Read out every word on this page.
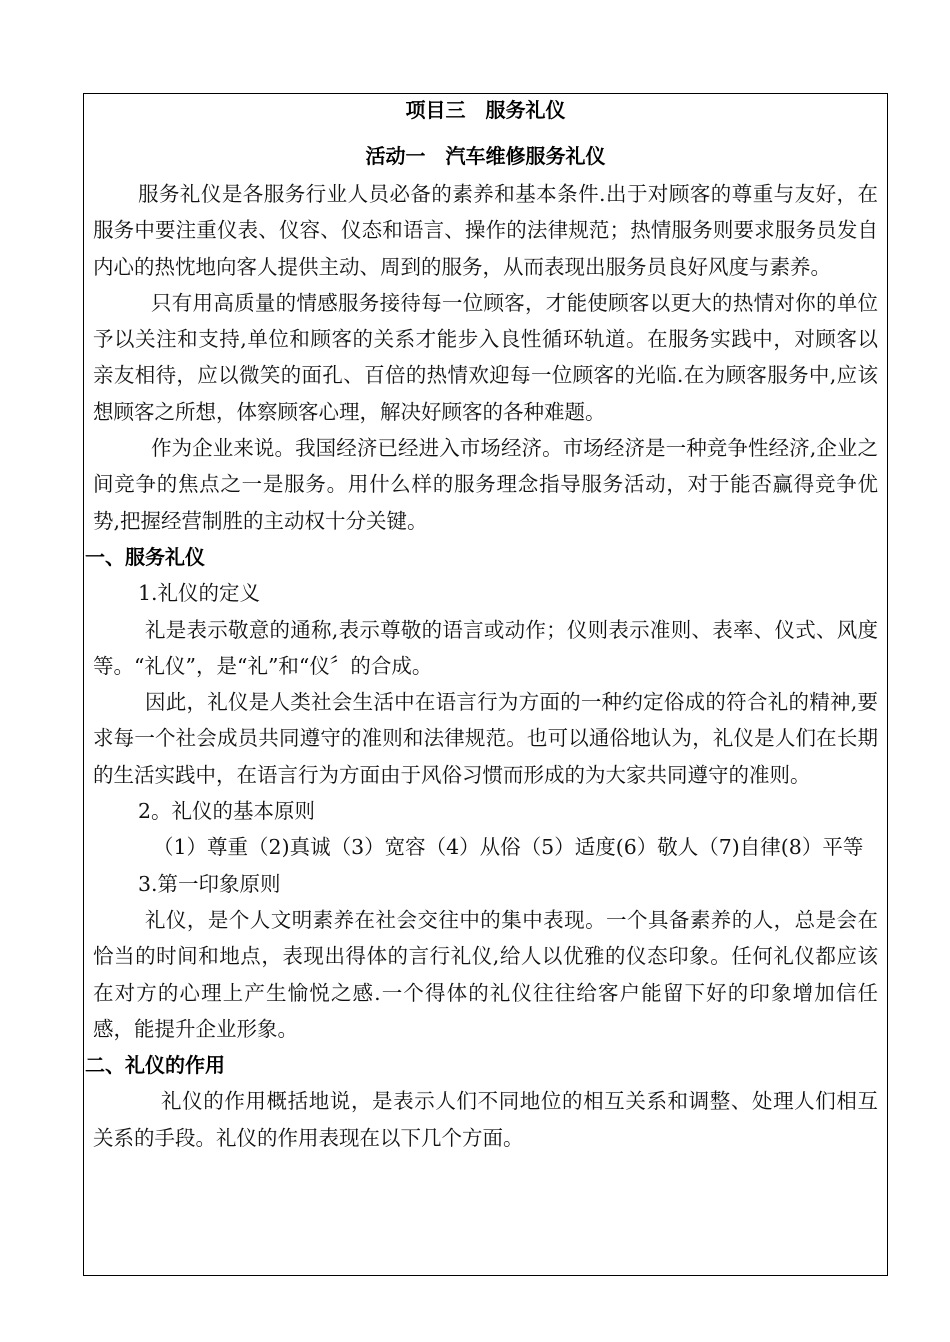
项目三　服务礼仪
活动一　汽车维修服务礼仪

服务礼仪是各服务行业人员必备的素养和基本条件.出于对顾客的尊重与友好，在服务中要注重仪表、仪容、仪态和语言、操作的法律规范；热情服务则要求服务员发自内心的热忱地向客人提供主动、周到的服务，从而表现出服务员良好风度与素养。

只有用高质量的情感服务接待每一位顾客，才能使顾客以更大的热情对你的单位予以关注和支持,单位和顾客的关系才能步入良性循环轨道。在服务实践中，对顾客以亲友相待，应以微笑的面孔、百倍的热情欢迎每一位顾客的光临.在为顾客服务中,应该想顾客之所想，体察顾客心理，解决好顾客的各种难题。

作为企业来说。我国经济已经进入市场经济。市场经济是一种竞争性经济,企业之间竞争的焦点之一是服务。用什么样的服务理念指导服务活动，对于能否赢得竞争优势,把握经营制胜的主动权十分关键。

一、服务礼仪

1.礼仪的定义

礼是表示敬意的通称,表示尊敬的语言或动作；仪则表示准则、表率、仪式、风度等。“礼仪”，是“礼”和“仪〞的合成。

因此，礼仪是人类社会生活中在语言行为方面的一种约定俗成的符合礼的精神,要求每一个社会成员共同遵守的准则和法律规范。也可以通俗地认为，礼仪是人们在长期的生活实践中，在语言行为方面由于风俗习惯而形成的为大家共同遵守的准则。

2。礼仪的基本原则

（1）尊重（2)真诚（3）宽容（4）从俗（5）适度(6）敬人（7)自律(8）平等

3.第一印象原则

礼仪，是个人文明素养在社会交往中的集中表现。一个具备素养的人，总是会在恰当的时间和地点，表现出得体的言行礼仪,给人以优雅的仪态印象。任何礼仪都应该在对方的心理上产生愉悦之感.一个得体的礼仪往往给客户能留下好的印象增加信任感，能提升企业形象。

二、礼仪的作用

礼仪的作用概括地说，是表示人们不同地位的相互关系和调整、处理人们相互关系的手段。礼仪的作用表现在以下几个方面。
